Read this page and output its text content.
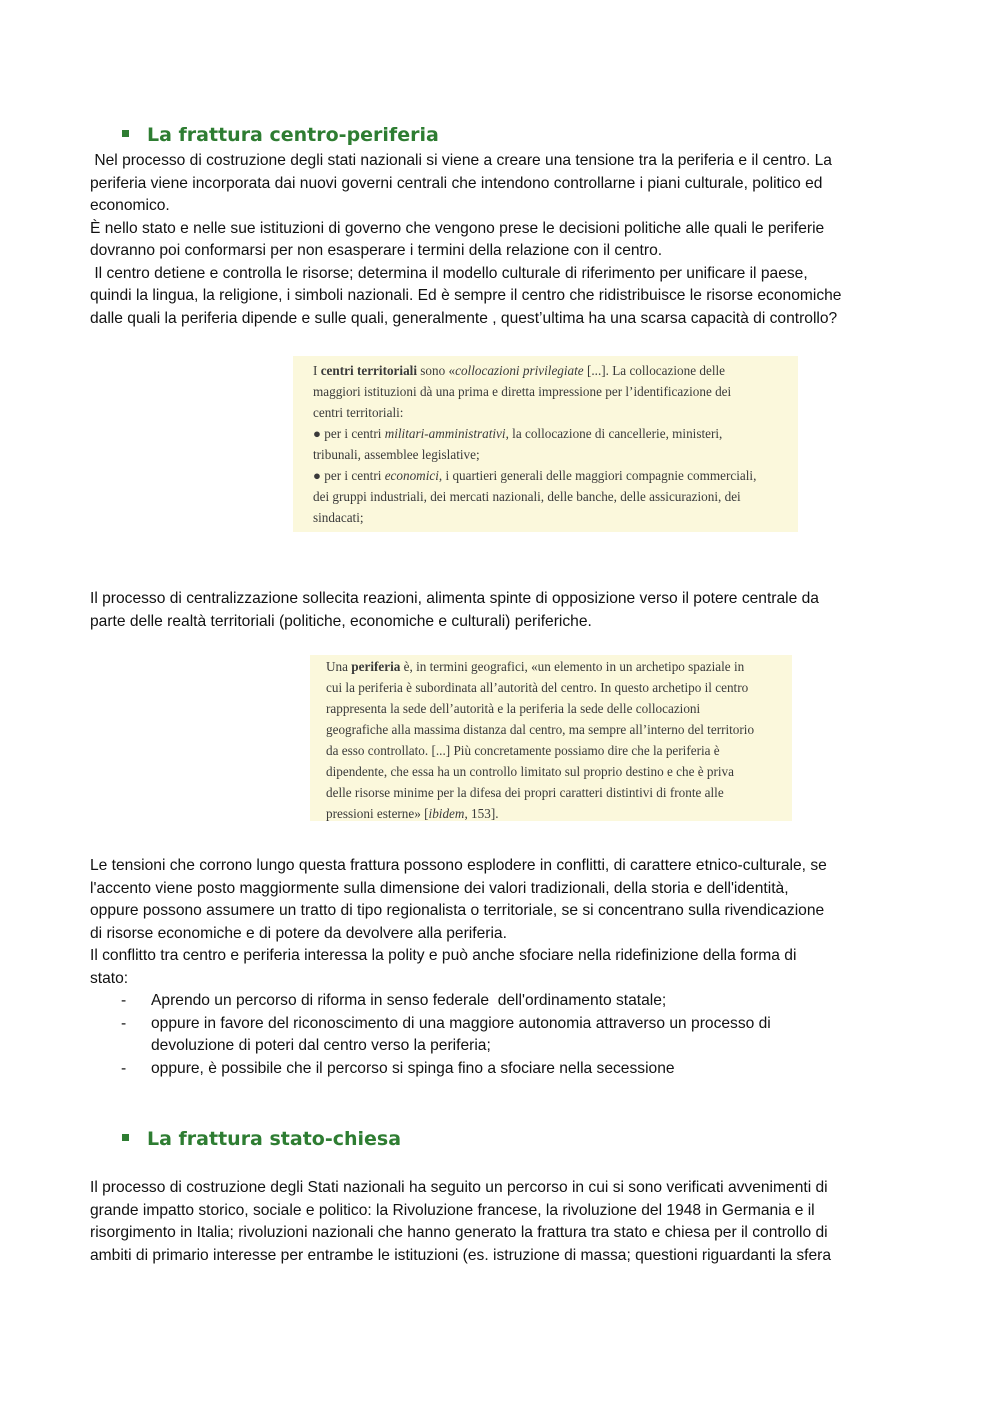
La frattura centro-periferia
Nel processo di costruzione degli stati nazionali si viene a creare una tensione tra la periferia e il centro. La
periferia viene incorporata dai nuovi governi centrali che intendono controllarne i piani culturale, politico ed
economico.
È nello stato e nelle sue istituzioni di governo che vengono prese le decisioni politiche alle quali le periferie
dovranno poi conformarsi per non esasperare i termini della relazione con il centro.
Il centro detiene e controlla le risorse; determina il modello culturale di riferimento per unificare il paese,
quindi la lingua, la religione, i simboli nazionali. Ed è sempre il centro che ridistribuisce le risorse economiche
dalle quali la periferia dipende e sulle quali, generalmente , quest’ultima ha una scarsa capacità di controllo?
I centri territoriali sono «collocazioni privilegiate [...]. La collocazione delle
maggiori istituzioni dà una prima e diretta impressione per l’identificazione dei
centri territoriali:
● per i centri militari-amministrativi, la collocazione di cancellerie, ministeri,
tribunali, assemblee legislative;
● per i centri economici, i quartieri generali delle maggiori compagnie commerciali,
dei gruppi industriali, dei mercati nazionali, delle banche, delle assicurazioni, dei
sindacati;
Il processo di centralizzazione sollecita reazioni, alimenta spinte di opposizione verso il potere centrale da
parte delle realtà territoriali (politiche, economiche e culturali) periferiche.
Una periferia è, in termini geografici, «un elemento in un archetipo spaziale in
cui la periferia è subordinata all’autorità del centro. In questo archetipo il centro
rappresenta la sede dell’autorità e la periferia la sede delle collocazioni
geografiche alla massima distanza dal centro, ma sempre all’interno del territorio
da esso controllato. [...] Più concretamente possiamo dire che la periferia è
dipendente, che essa ha un controllo limitato sul proprio destino e che è priva
delle risorse minime per la difesa dei propri caratteri distintivi di fronte alle
pressioni esterne» [ibidem, 153].
Le tensioni che corrono lungo questa frattura possono esplodere in conflitti, di carattere etnico-culturale, se
l'accento viene posto maggiormente sulla dimensione dei valori tradizionali, della storia e dell'identità,
oppure possono assumere un tratto di tipo regionalista o territoriale, se si concentrano sulla rivendicazione
di risorse economiche e di potere da devolvere alla periferia.
Il conflitto tra centro e periferia interessa la polity e può anche sfociare nella ridefinizione della forma di
stato:
- Aprendo un percorso di riforma in senso federale  dell'ordinamento statale;
- oppure in favore del riconoscimento di una maggiore autonomia attraverso un processo di
devoluzione di poteri dal centro verso la periferia;
- oppure, è possibile che il percorso si spinga fino a sfociare nella secessione
La frattura stato-chiesa
Il processo di costruzione degli Stati nazionali ha seguito un percorso in cui si sono verificati avvenimenti di
grande impatto storico, sociale e politico: la Rivoluzione francese, la rivoluzione del 1948 in Germania e il
risorgimento in Italia; rivoluzioni nazionali che hanno generato la frattura tra stato e chiesa per il controllo di
ambiti di primario interesse per entrambe le istituzioni (es. istruzione di massa; questioni riguardanti la sfera
